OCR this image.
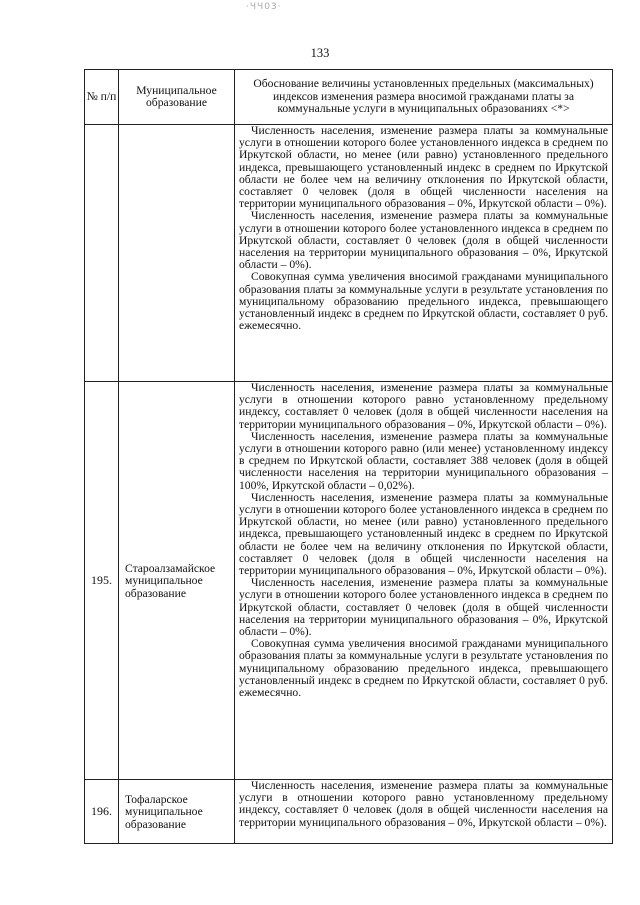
·ЧЧ03·
133
№ п/п	Муниципальное образование	Обоснование величины установленных предельных (максимальных) индексов изменения размера вносимой гражданами платы за коммунальные услуги в муниципальных образованиях <*>

		Численность населения, изменение размера платы за коммунальные услуги в отношении которого более установленного индекса в среднем по Иркутской области, но менее (или равно) установленного предельного индекса, превышающего установленный индекс в среднем по Иркутской области не более чем на величину отклонения по Иркутской области, составляет 0 человек (доля в общей численности населения на территории муниципального образования – 0%, Иркутской области – 0%).

Численность населения, изменение размера платы за коммунальные услуги в отношении которого более установленного индекса в среднем по Иркутской области, составляет 0 человек (доля в общей численности населения на территории муниципального образования – 0%, Иркутской области – 0%).

Совокупная сумма увеличения вносимой гражданами муниципального образования платы за коммунальные услуги в результате установления по муниципальному образованию предельного индекса, превышающего установленный индекс в среднем по Иркутской области, составляет 0 руб. ежемесячно.

195.	Староалзамайское муниципальное образование	Численность населения, изменение размера платы за коммунальные услуги в отношении которого равно установленному предельному индексу, составляет 0 человек (доля в общей численности населения на территории муниципального образования – 0%, Иркутской области – 0%).

Численность населения, изменение размера платы за коммунальные услуги в отношении которого равно (или менее) установленному индексу в среднем по Иркутской области, составляет 388 человек (доля в общей численности населения на территории муниципального образования – 100%, Иркутской области – 0,02%).

Численность населения, изменение размера платы за коммунальные услуги в отношении которого более установленного индекса в среднем по Иркутской области, но менее (или равно) установленного предельного индекса, превышающего установленный индекс в среднем по Иркутской области не более чем на величину отклонения по Иркутской области, составляет 0 человек (доля в общей численности населения на территории муниципального образования – 0%, Иркутской области – 0%).

Численность населения, изменение размера платы за коммунальные услуги в отношении которого более установленного индекса в среднем по Иркутской области, составляет 0 человек (доля в общей численности населения на территории муниципального образования – 0%, Иркутской области – 0%).

Совокупная сумма увеличения вносимой гражданами муниципального образования платы за коммунальные услуги в результате установления по муниципальному образованию предельного индекса, превышающего установленный индекс в среднем по Иркутской области, составляет 0 руб. ежемесячно.

196.	Тофаларское муниципальное образование	Численность населения, изменение размера платы за коммунальные услуги в отношении которого равно установленному предельному индексу, составляет 0 человек (доля в общей численности населения на территории муниципального образования – 0%, Иркутской области – 0%).
